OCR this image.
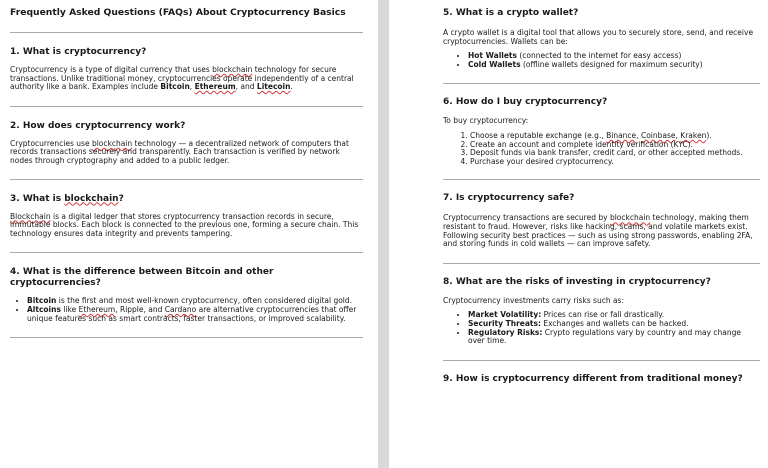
Frequently Asked Questions (FAQs) About Cryptocurrency Basics
1. What is cryptocurrency?

Cryptocurrency is a type of digital currency that uses blockchain technology for secure transactions. Unlike traditional money, cryptocurrencies operate independently of a central authority like a bank. Examples include Bitcoin, Ethereum, and Litecoin.

2. How does cryptocurrency work?

Cryptocurrencies use blockchain technology — a decentralized network of computers that records transactions securely and transparently. Each transaction is verified by network nodes through cryptography and added to a public ledger.

3. What is blockchain?

Blockchain is a digital ledger that stores cryptocurrency transaction records in secure, immutable blocks. Each block is connected to the previous one, forming a secure chain. This technology ensures data integrity and prevents tampering.

4. What is the difference between Bitcoin and other cryptocurrencies?
• Bitcoin is the first and most well-known cryptocurrency, often considered digital gold.
• Altcoins like Ethereum, Ripple, and Cardano are alternative cryptocurrencies that offer unique features such as smart contracts, faster transactions, or improved scalability.
5. What is a crypto wallet?

A crypto wallet is a digital tool that allows you to securely store, send, and receive cryptocurrencies. Wallets can be:

• Hot Wallets (connected to the internet for easy access)
• Cold Wallets (offline wallets designed for maximum security)
6. How do I buy cryptocurrency?

To buy cryptocurrency:

1. Choose a reputable exchange (e.g., Binance, Coinbase, Kraken).
2. Create an account and complete identity verification (KYC).
3. Deposit funds via bank transfer, credit card, or other accepted methods.
4. Purchase your desired cryptocurrency.
7. Is cryptocurrency safe?

Cryptocurrency transactions are secured by blockchain technology, making them resistant to fraud. However, risks like hacking, scams, and volatile markets exist. Following security best practices — such as using strong passwords, enabling 2FA, and storing funds in cold wallets — can improve safety.

8. What are the risks of investing in cryptocurrency?

Cryptocurrency investments carry risks such as:

• Market Volatility: Prices can rise or fall drastically.
• Security Threats: Exchanges and wallets can be hacked.
• Regulatory Risks: Crypto regulations vary by country and may change over time.
9. How is cryptocurrency different from traditional money?
